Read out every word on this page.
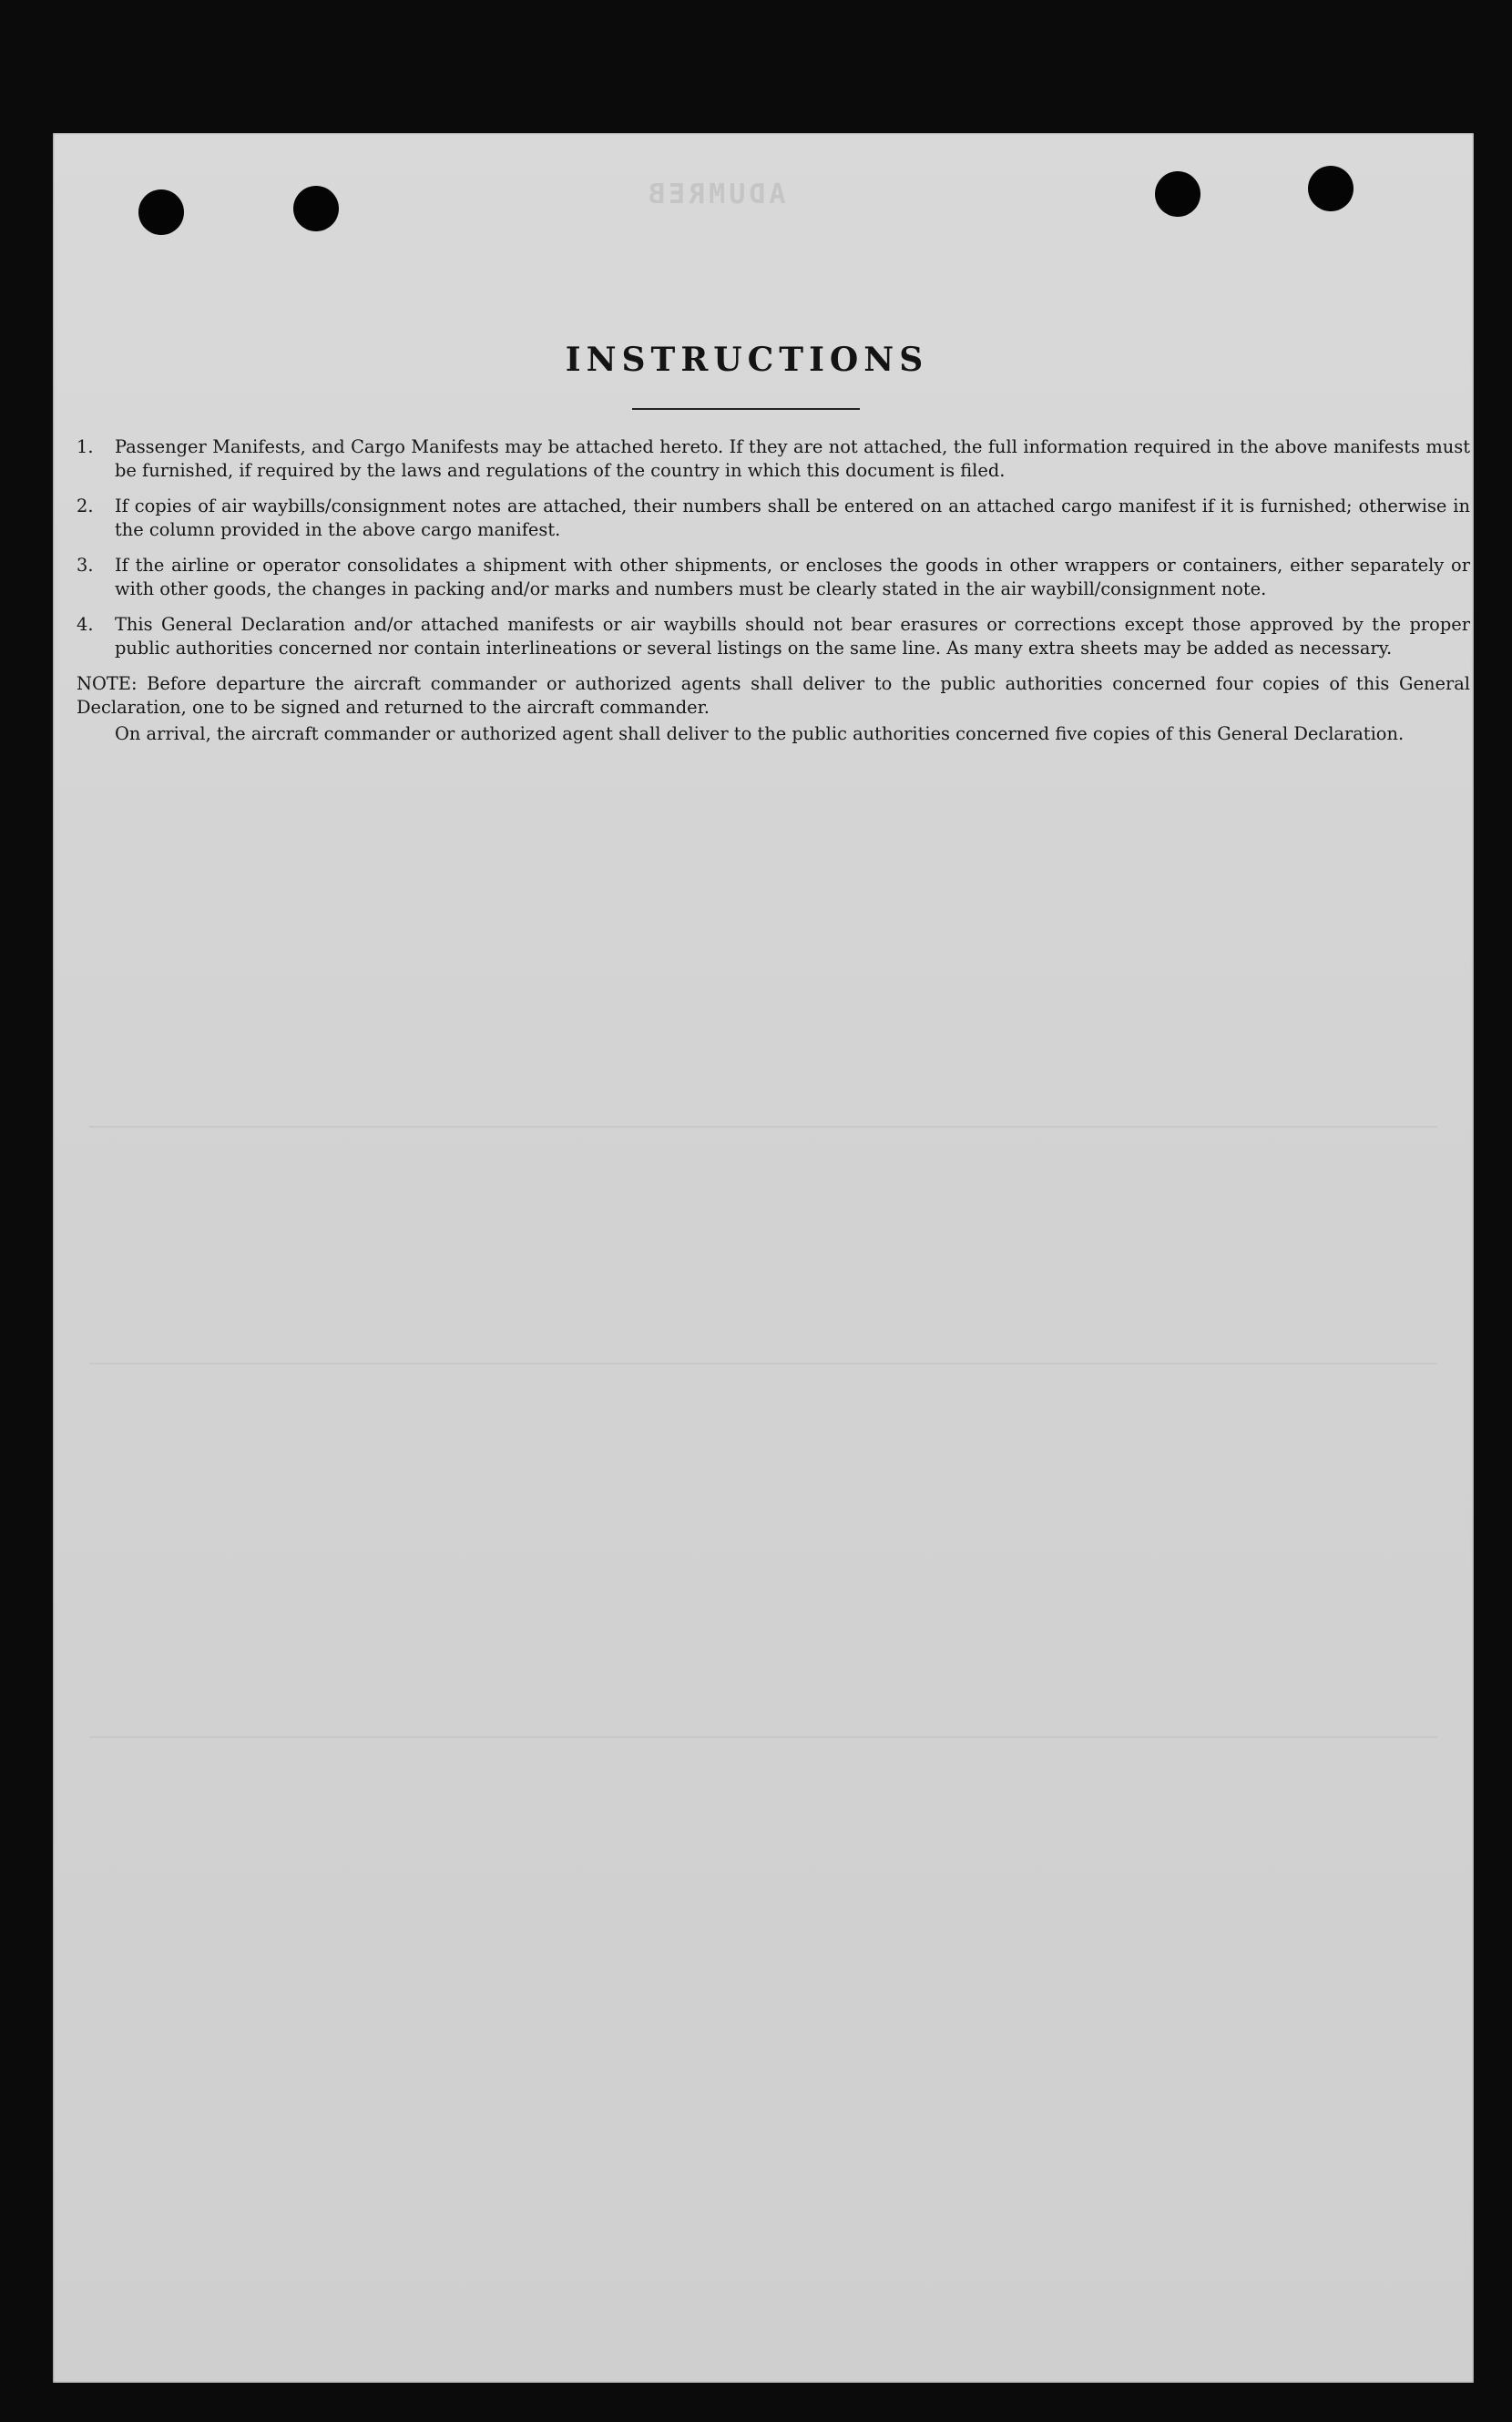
ADUMREB
INSTRUCTIONS
1.	Passenger Manifests, and Cargo Manifests may be attached hereto. If they are not attached, the full information required in the above manifests must be furnished, if required by the laws and regulations of the country in which this document is filed.
2.	If copies of air waybills/consignment notes are attached, their numbers shall be entered on an attached cargo manifest if it is furnished; otherwise in the column provided in the above cargo manifest.
3.	If the airline or operator consolidates a shipment with other shipments, or encloses the goods in other wrappers or containers, either separately or with other goods, the changes in packing and/or marks and numbers must be clearly stated in the air waybill/consignment note.
4.	This General Declaration and/or attached manifests or air waybills should not bear erasures or corrections except those approved by the proper public authorities concerned nor contain interlineations or several listings on the same line. As many extra sheets may be added as necessary.
NOTE: Before departure the aircraft commander or authorized agents shall deliver to the public authorities concerned four copies of this General Declaration, one to be signed and returned to the aircraft commander.
On arrival, the aircraft commander or authorized agent shall deliver to the public authorities concerned five copies of this General Declaration.
